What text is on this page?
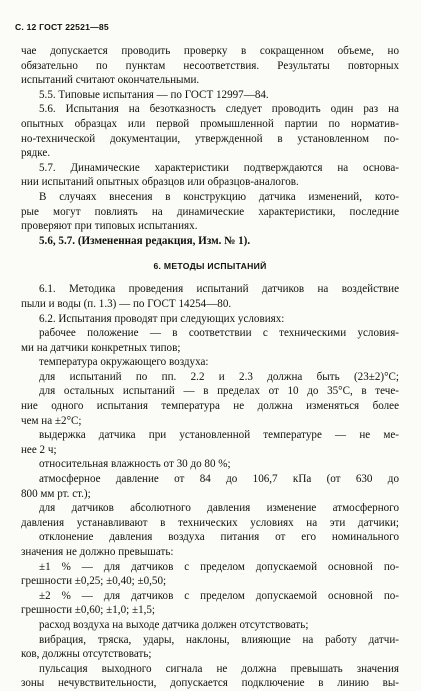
С. 12 ГОСТ 22521—85
чае допускается проводить проверку в сокращенном объеме, но
обязательно по пунктам несоответствия. Результаты повторных
испытаний считают окончательными.
5.5. Типовые испытания — по ГОСТ 12997—84.
5.6. Испытания на безотказность следует проводить один раз на
опытных образцах или первой промышленной партии по норматив-
но-технической документации, утвержденной в установленном по-
рядке.
5.7. Динамические характеристики подтверждаются на основа-
нии испытаний опытных образцов или образцов-аналогов.
В случаях внесения в конструкцию датчика изменений, кото-
рые могут повлиять на динамические характеристики, последние
проверяют при типовых испытаниях.
5.6, 5.7. (Измененная редакция, Изм. № 1).
6. МЕТОДЫ ИСПЫТАНИЙ
6.1. Методика проведения испытаний датчиков на воздействие
пыли и воды (п. 1.3) — по ГОСТ 14254—80.
6.2. Испытания проводят при следующих условиях:
рабочее положение — в соответствии с техническими условия-
ми на датчики конкретных типов;
температура окружающего воздуха:
для испытаний по пп. 2.2 и 2.3 должна быть (23±2)°С;
для остальных испытаний — в пределах от 10 до 35°С, в тече-
ние одного испытания температура не должна изменяться более
чем на ±2°С;
выдержка датчика при установленной температуре — не ме-
нее 2 ч;
относительная влажность от 30 до 80 %;
атмосферное давление от 84 до 106,7 кПа (от 630 до
800 мм рт. ст.);
для датчиков абсолютного давления изменение атмосферного
давления устанавливают в технических условиях на эти датчики;
отклонение давления воздуха питания от его номинального
значения не должно превышать:
±1 % — для датчиков с пределом допускаемой основной по-
грешности ±0,25; ±0,40; ±0,50;
±2 % — для датчиков с пределом допускаемой основной по-
грешности ±0,60; ±1,0; ±1,5;
расход воздуха на выходе датчика должен отсутствовать;
вибрация, тряска, удары, наклоны, влияющие на работу датчи-
ков, должны отсутствовать;
пульсация выходного сигнала не должна превышать значения
зоны нечувствительности, допускается подключение в линию вы-
